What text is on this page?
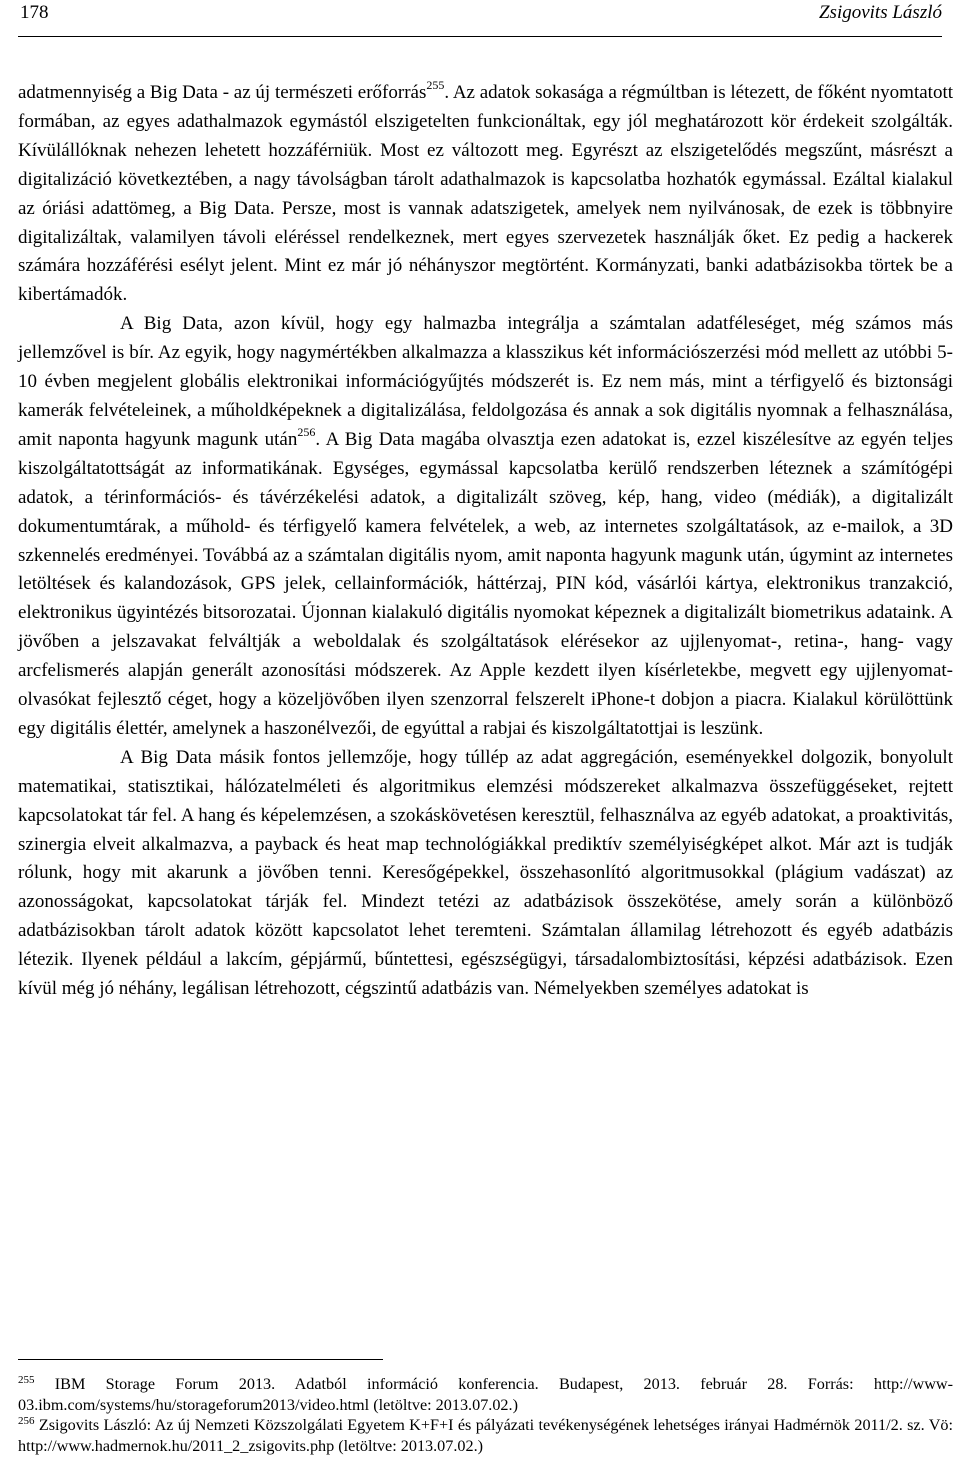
178	Zsigovits László

adatmennyiség a Big Data - az új természeti erőforrás$^{255}$. Az adatok sokasága a régmúltban is létezett, de főként nyomtatott formában, az egyes adathalmazok egymástól elszigetelten funkcionáltak, egy jól meghatározott kör érdekeit szolgálták. Kívülállóknak nehezen lehetett hozzáférniük. Most ez változott meg. Egyrészt az elszigetelődés megszűnt, másrészt a digitalizáció következtében, a nagy távolságban tárolt adathalmazok is kapcsolatba hozhatók egymással. Ezáltal kialakul az óriási adattömeg, a Big Data. Persze, most is vannak adatszigetek, amelyek nem nyilvánosak, de ezek is többnyire digitalizáltak, valamilyen távoli eléréssel rendelkeznek, mert egyes szervezetek használják őket. Ez pedig a hackerek számára hozzáférési esélyt jelent. Mint ez már jó néhányszor megtörtént. Kormányzati, banki adatbázisokba törtek be a kibertámadók.

A Big Data, azon kívül, hogy egy halmazba integrálja a számtalan adatféleséget, még számos más jellemzővel is bír. Az egyik, hogy nagymértékben alkalmazza a klasszikus két információszerzési mód mellett az utóbbi 5-10 évben megjelent globális elektronikai információgyűjtés módszerét is. Ez nem más, mint a térfigyelő és biztonsági kamerák felvételeinek, a műholdképeknek a digitalizálása, feldolgozása és annak a sok digitális nyomnak a felhasználása, amit naponta hagyunk magunk után$^{256}$. A Big Data magába olvasztja ezen adatokat is, ezzel kiszélesítve az egyén teljes kiszolgáltatottságát az informatikának. Egységes, egymással kapcsolatba kerülő rendszerben léteznek a számítógépi adatok, a térinformációs- és távérzékelési adatok, a digitalizált szöveg, kép, hang, video (médiák), a digitalizált dokumentumtárak, a műhold- és térfigyelő kamera felvételek, a web, az internetes szolgáltatások, az e-mailok, a 3D szkennelés eredményei. Továbbá az a számtalan digitális nyom, amit naponta hagyunk magunk után, úgymint az internetes letöltések és kalandozások, GPS jelek, cellainformációk, háttérzaj, PIN kód, vásárlói kártya, elektronikus tranzakció, elektronikus ügyintézés bitsorozatai. Újonnan kialakuló digitális nyomokat képeznek a digitalizált biometrikus adataink. A jövőben a jelszavakat felváltják a weboldalak és szolgáltatások elérésekor az ujjlenyomat-, retina-, hang- vagy arcfelismerés alapján generált azonosítási módszerek. Az Apple kezdett ilyen kísérletekbe, megvett egy ujjlenyomat-olvasókat fejlesztő céget, hogy a közeljövőben ilyen szenzorral felszerelt iPhone-t dobjon a piacra. Kialakul körülöttünk egy digitális élettér, amelynek a haszonélvezői, de egyúttal a rabjai és kiszolgáltatottjai is leszünk.

A Big Data másik fontos jellemzője, hogy túllép az adat aggregáción, eseményekkel dolgozik, bonyolult matematikai, statisztikai, hálózatelméleti és algoritmikus elemzési módszereket alkalmazva összefüggéseket, rejtett kapcsolatokat tár fel. A hang és képelemzésen, a szokáskövetésen keresztül, felhasználva az egyéb adatokat, a proaktivitás, szinergia elveit alkalmazva, a payback és heat map technológiákkal prediktív személyiségképet alkot. Már azt is tudják rólunk, hogy mit akarunk a jövőben tenni. Keresőgépekkel, összehasonlító algoritmusokkal (plágium vadászat) az azonosságokat, kapcsolatokat tárják fel. Mindezt tetézi az adatbázisok összekötése, amely során a különböző adatbázisokban tárolt adatok között kapcsolatot lehet teremteni. Számtalan államilag létrehozott és egyéb adatbázis létezik. Ilyenek például a lakcím, gépjármű, bűntettesi, egészségügyi, társadalombiztosítási, képzési adatbázisok. Ezen kívül még jó néhány, legálisan létrehozott, cégszintű adatbázis van. Némelyekben személyes adatokat is

$^{255}$ IBM Storage Forum 2013. Adatból információ konferencia. Budapest, 2013. február 28. Forrás: http://www-03.ibm.com/systems/hu/storageforum2013/video.html (letöltve: 2013.07.02.)

$^{256}$ Zsigovits László: Az új Nemzeti Közszolgálati Egyetem K+F+I és pályázati tevékenységének lehetséges irányai Hadmérnök 2011/2. sz. Vö: http://www.hadmernok.hu/2011_2_zsigovits.php (letöltve: 2013.07.02.)
